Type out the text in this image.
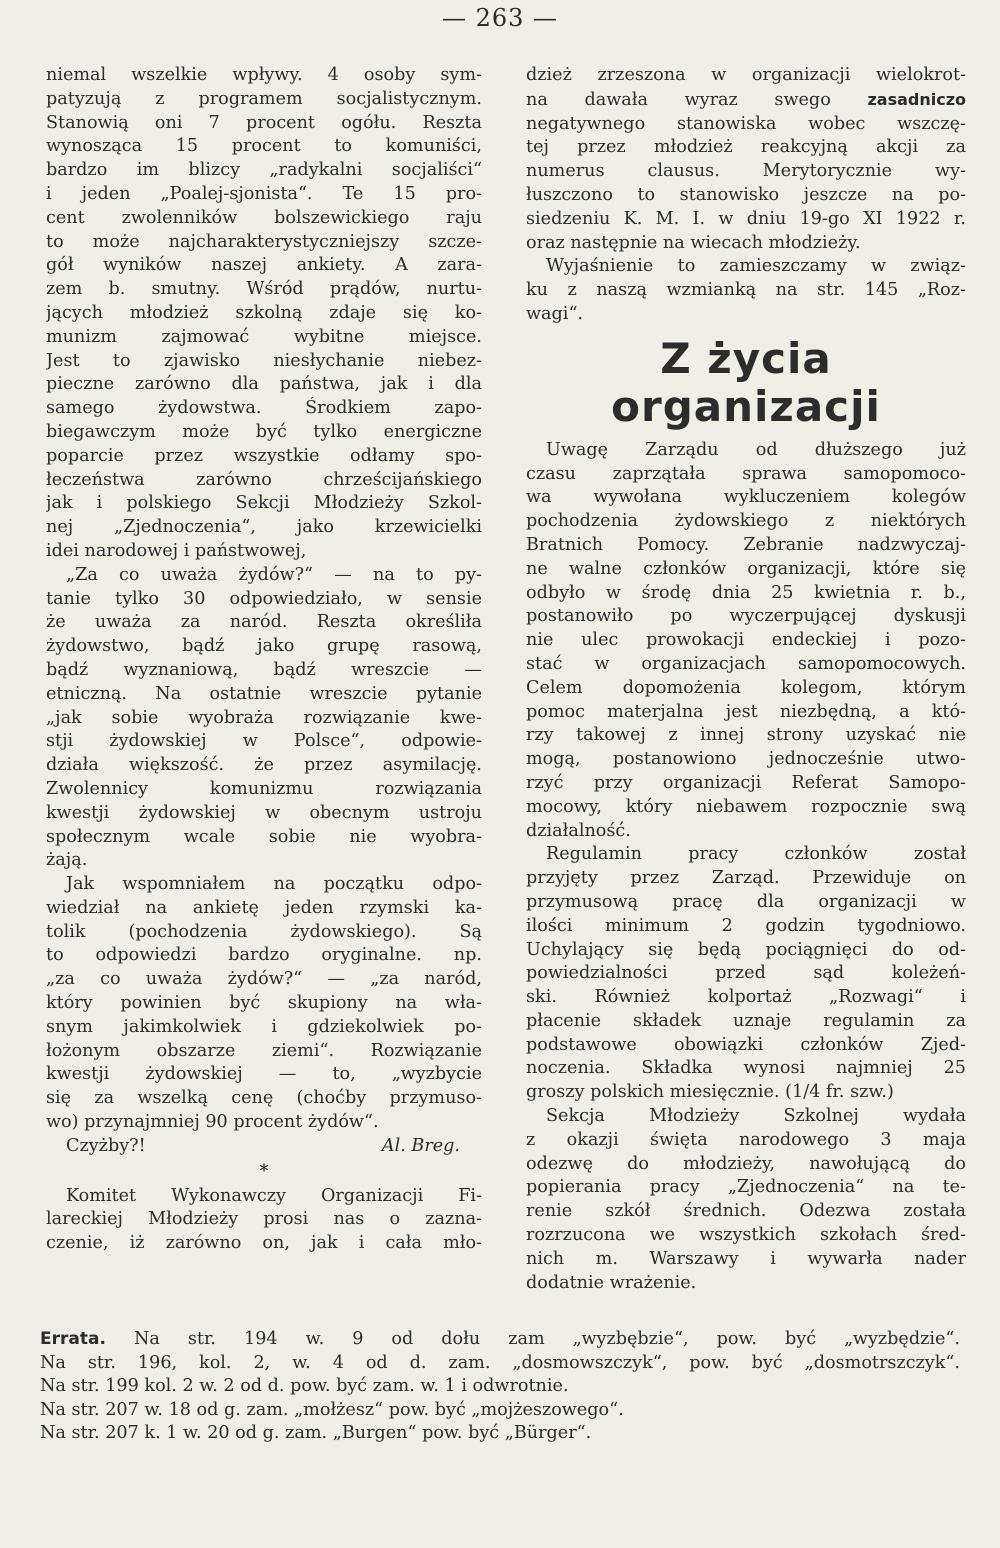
— 263 —
niemal wszelkie wpływy. 4 osoby sym-
patyzują z programem socjalistycznym.
Stanowią oni 7 procent ogółu. Reszta
wynosząca 15 procent to komuniści,
bardzo im blizcy „radykalni socjaliści“
i jeden „Poalej-sjonista“. Te 15 pro-
cent zwolenników bolszewickiego raju
to może najcharakterystyczniejszy szcze-
gół wyników naszej ankiety. A zara-
zem b. smutny. Wśród prądów, nurtu-
jących młodzież szkolną zdaje się ko-
munizm zajmować wybitne miejsce.
Jest to zjawisko niesłychanie niebez-
pieczne zarówno dla państwa, jak i dla
samego żydowstwa. Środkiem zapo-
biegawczym może być tylko energiczne
poparcie przez wszystkie odłamy spo-
łeczeństwa zarówno chrześcijańskiego
jak i polskiego Sekcji Młodzieży Szkol-
nej „Zjednoczenia“, jako krzewicielki
idei narodowej i państwowej,
„Za co uważa żydów?“ — na to py-
tanie tylko 30 odpowiedziało, w sensie
że uważa za naród. Reszta określiła
żydowstwo, bądź jako grupę rasową,
bądź wyznaniową, bądź wreszcie —
etniczną. Na ostatnie wreszcie pytanie
„jak sobie wyobraża rozwiązanie kwe-
stji żydowskiej w Polsce“, odpowie-
działa większość. że przez asymilację.
Zwolennicy komunizmu rozwiązania
kwestji żydowskiej w obecnym ustroju
społecznym wcale sobie nie wyobra-
żają.
Jak wspomniałem na początku odpo-
wiedział na ankietę jeden rzymski ka-
tolik (pochodzenia żydowskiego). Są
to odpowiedzi bardzo oryginalne. np.
„za co uważa żydów?“ — „za naród,
który powinien być skupiony na wła-
snym jakimkolwiek i gdziekolwiek po-
łożonym obszarze ziemi“. Rozwiązanie
kwestji żydowskiej — to, „wyzbycie
się za wszelką cenę (choćby przymuso-
wo) przynajmniej 90 procent żydów“.
Czyżby?!	Al. Breg.
*
Komitet Wykonawczy Organizacji Fi-
lareckiej Młodzieży prosi nas o zazna-
czenie, iż zarówno on, jak i cała mło-
dzież zrzeszona w organizacji wielokrot-
na dawała wyraz swego zasadniczo
negatywnego stanowiska wobec wszczę-
tej przez młodzież reakcyjną akcji za
numerus clausus. Merytorycznie wy-
łuszczono to stanowisko jeszcze na po-
siedzeniu K. M. I. w dniu 19-go XI 1922 r.
oraz następnie na wiecach młodzieży.
Wyjaśnienie to zamieszczamy w związ-
ku z naszą wzmianką na str. 145 „Roz-
wagi“.
Z życia organizacji
Uwagę Zarządu od dłuższego już
czasu zaprzątała sprawa samopomoco-
wa wywołana wykluczeniem kolegów
pochodzenia żydowskiego z niektórych
Bratnich Pomocy. Zebranie nadzwyczaj-
ne walne członków organizacji, które się
odbyło w środę dnia 25 kwietnia r. b.,
postanowiło po wyczerpującej dyskusji
nie ulec prowokacji endeckiej i pozo-
stać w organizacjach samopomocowych.
Celem dopomożenia kolegom, którym
pomoc materjalna jest niezbędną, a któ-
rzy takowej z innej strony uzyskać nie
mogą, postanowiono jednocześnie utwo-
rzyć przy organizacji Referat Samopo-
mocowy, który niebawem rozpocznie swą
działalność.
Regulamin pracy członków został
przyjęty przez Zarząd. Przewiduje on
przymusową pracę dla organizacji w
ilości minimum 2 godzin tygodniowo.
Uchylający się będą pociągnięci do od-
powiedzialności przed sąd koleżeń-
ski. Również kolportaż „Rozwagi“ i
płacenie składek uznaje regulamin za
podstawowe obowiązki członków Zjed-
noczenia. Składka wynosi najmniej 25
groszy polskich miesięcznie. (1/4 fr. szw.)
Sekcja Młodzieży Szkolnej wydała
z okazji święta narodowego 3 maja
odezwę do młodzieży, nawołującą do
popierania pracy „Zjednoczenia“ na te-
renie szkół średnich. Odezwa została
rozrzucona we wszystkich szkołach śred-
nich m. Warszawy i wywarła nader
dodatnie wrażenie.
Errata. Na str. 194 w. 9 od dołu zam „wyzbębzie“, pow. być „wyzbędzie“.
Na str. 196, kol. 2, w. 4 od d. zam. „dosmowszczyk“, pow. być „dosmotrszczyk“.
Na str. 199 kol. 2 w. 2 od d. pow. być zam. w. 1 i odwrotnie.
Na str. 207 w. 18 od g. zam. „mołżesz“ pow. być „mojżeszowego“.
Na str. 207 k. 1 w. 20 od g. zam. „Burgen“ pow. być „Bürger“.
